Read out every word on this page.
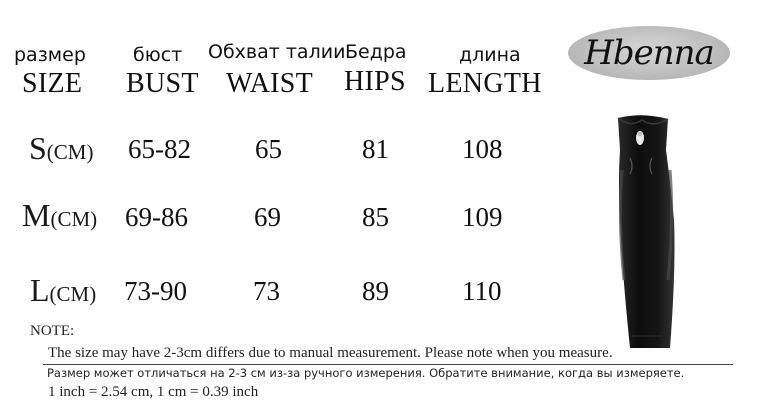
размер бюст Обхват талии Бедра	длина
SIZE BUST WAIST HIPS LENGTH
Hbenna
S(CM) 65-82 65	81	108
M(CM) 69-86 69	85	109
L(CM) 73-90 73	89	110
NOTE:
The size may have 2-3cm differs due to manual measurement. Please note when you measure.
Размер может отличаться на 2-3 см из-за ручного измерения. Обратите внимание, когда вы измеряете.
1 inch = 2.54 cm, 1 cm = 0.39 inch
